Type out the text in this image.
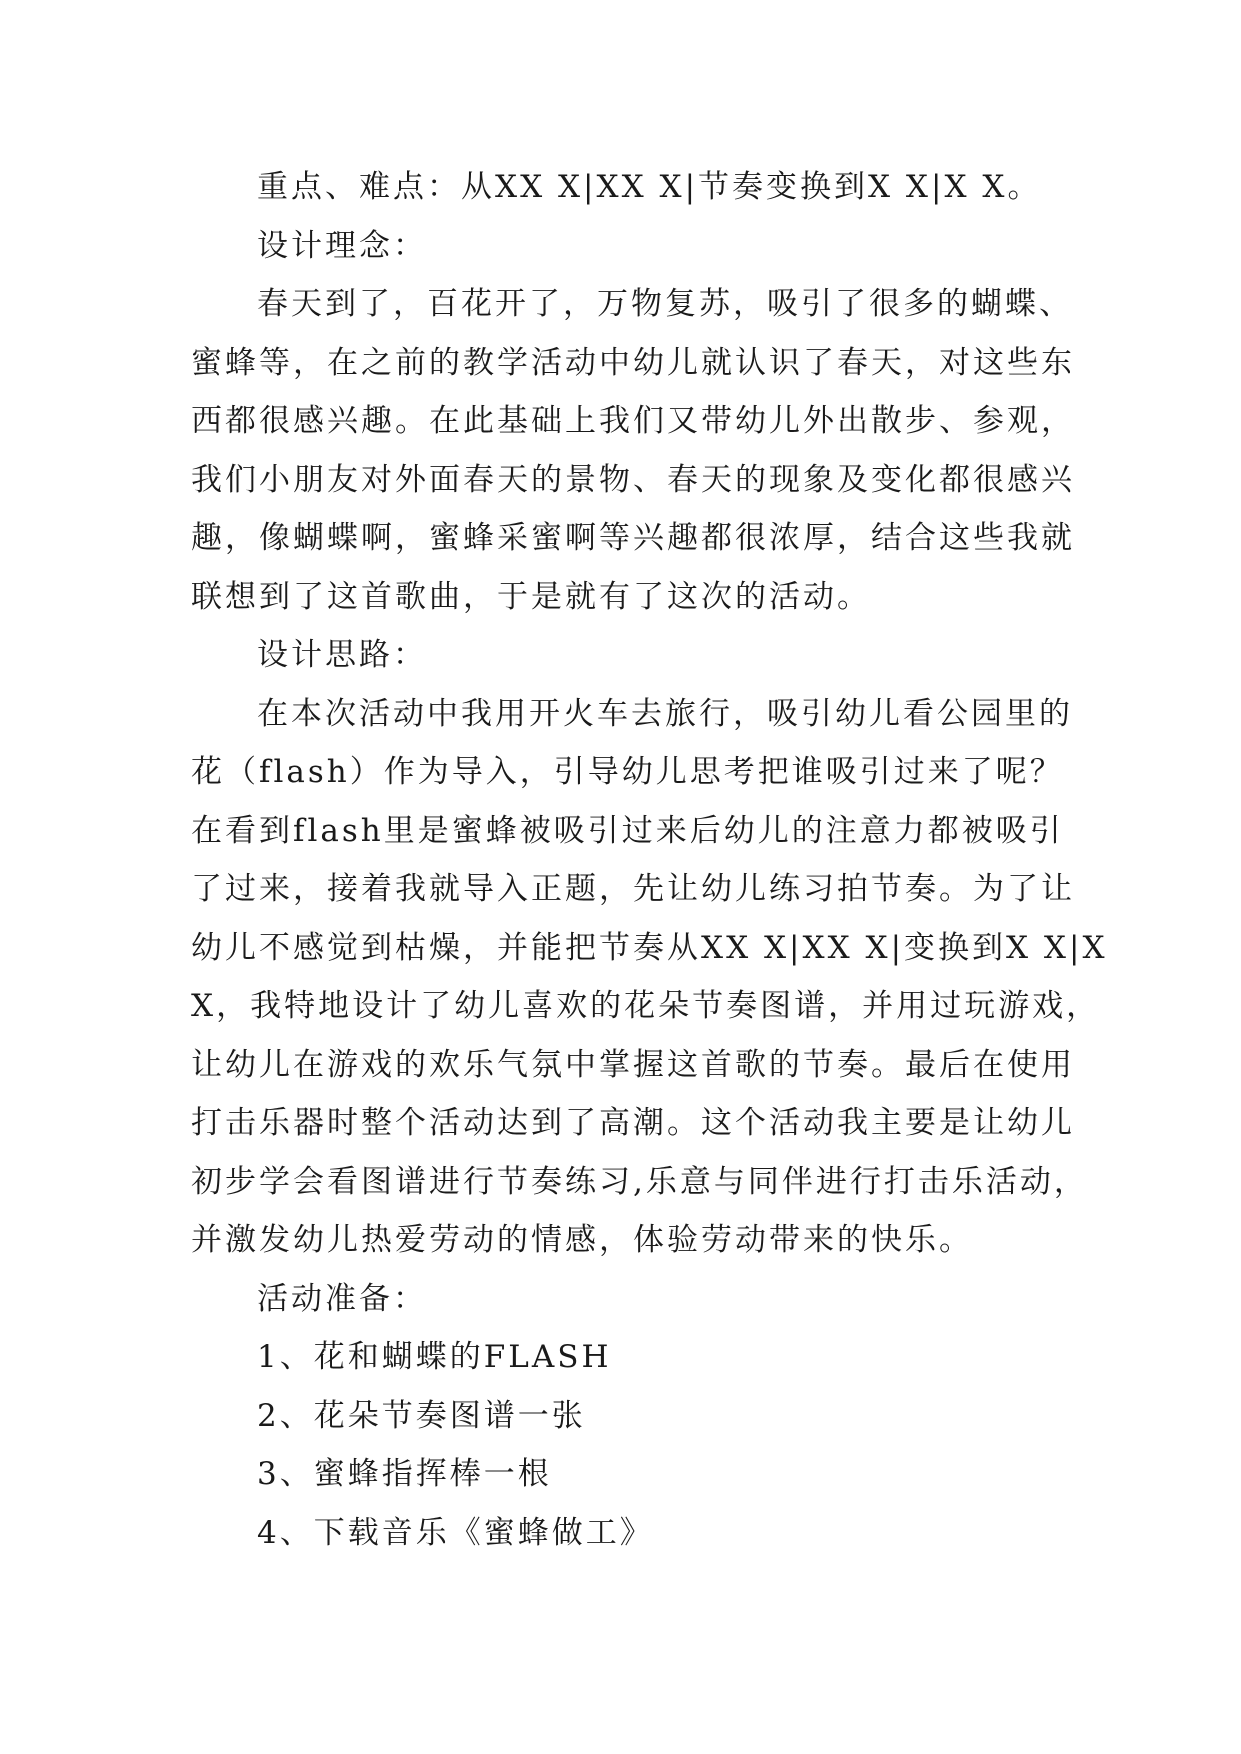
重点、难点：从XX X|XX X|节奏变换到X X|X X。
设计理念：
春天到了，百花开了，万物复苏，吸引了很多的蝴蝶、
蜜蜂等，在之前的教学活动中幼儿就认识了春天，对这些东
西都很感兴趣。在此基础上我们又带幼儿外出散步、参观，
我们小朋友对外面春天的景物、春天的现象及变化都很感兴
趣，像蝴蝶啊，蜜蜂采蜜啊等兴趣都很浓厚，结合这些我就
联想到了这首歌曲，于是就有了这次的活动。
设计思路：
在本次活动中我用开火车去旅行，吸引幼儿看公园里的
花（flash）作为导入，引导幼儿思考把谁吸引过来了呢？
在看到flash里是蜜蜂被吸引过来后幼儿的注意力都被吸引
了过来，接着我就导入正题，先让幼儿练习拍节奏。为了让
幼儿不感觉到枯燥，并能把节奏从XX X|XX X|变换到X X|X
X，我特地设计了幼儿喜欢的花朵节奏图谱，并用过玩游戏，
让幼儿在游戏的欢乐气氛中掌握这首歌的节奏。最后在使用
打击乐器时整个活动达到了高潮。这个活动我主要是让幼儿
初步学会看图谱进行节奏练习,乐意与同伴进行打击乐活动，
并激发幼儿热爱劳动的情感，体验劳动带来的快乐。
活动准备：
1、花和蝴蝶的FLASH
2、花朵节奏图谱一张
3、蜜蜂指挥棒一根
4、下载音乐《蜜蜂做工》
